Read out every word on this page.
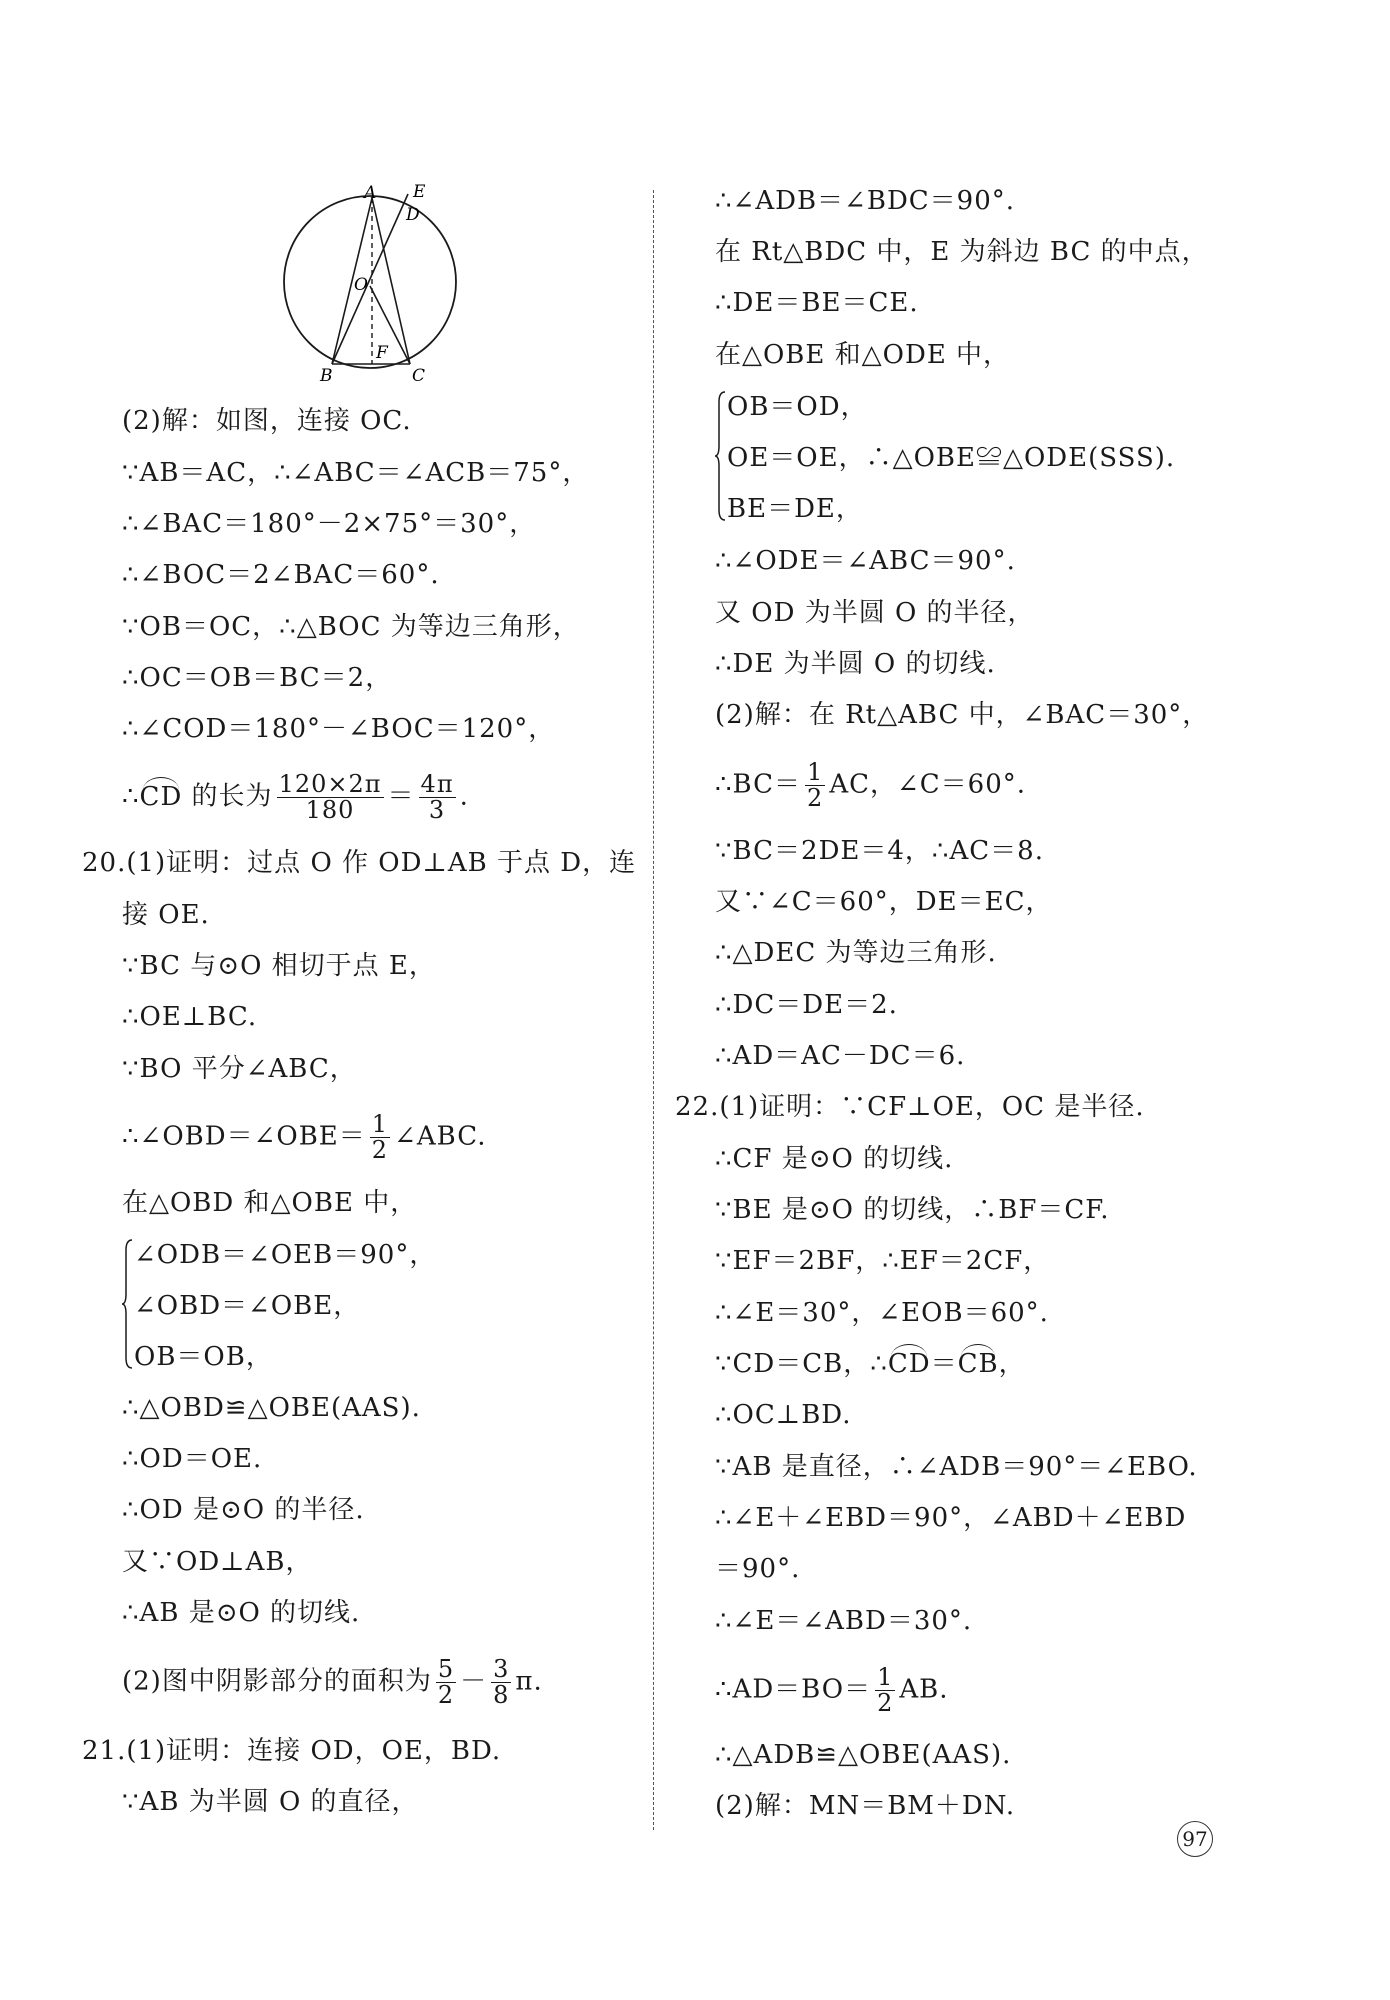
A E
D
O
B
F
C
(2)解：如图，连接 OC.
∵AB＝AC，∴∠ABC＝∠ACB＝75°，
∴∠BAC＝180°－2×75°＝30°，
∴∠BOC＝2∠BAC＝60°.
∵OB＝OC，∴△BOC 为等边三角形，
∴OC＝OB＝BC＝2，
∴∠COD＝180°－∠BOC＝120°，
∴CD 的长为 $\frac{120\times 2\pi}{180} = \frac{4\pi}{3}$ .
20.(1)证明：过点 O 作 OD⊥AB 于点 D，连
接 OE.
∵BC 与⊙O 相切于点 E，
∴OE⊥BC.
∵BO 平分∠ABC，
∴∠OBD＝∠OBE＝ $\frac{1}{2}$ ∠ABC.
在△OBD 和△OBE 中，
∠ODB＝∠OEB＝90°，
∠OBD＝∠OBE，
OB＝OB，
∴△OBD≌△OBE(AAS).
∴OD＝OE.
∴OD 是⊙O 的半径.
又∵OD⊥AB，
∴AB 是⊙O 的切线.
(2)图中阴影部分的面积为 $\frac{5}{2} - \frac{3}{8} \pi$.
21.(1)证明：连接 OD，OE，BD.
∵AB 为半圆 O 的直径，
∴∠ADB＝∠BDC＝90°.
在 Rt△BDC 中，E 为斜边 BC 的中点，
∴DE＝BE＝CE.
在△OBE 和△ODE 中，
OB＝OD，
OE＝OE，∴△OBE≌△ODE(SSS).
BE＝DE，
∴∠ODE＝∠ABC＝90°.
又 OD 为半圆 O 的半径，
∴DE 为半圆 O 的切线.
(2)解：在 Rt△ABC 中，∠BAC＝30°，
∴BC＝ $\frac{1}{2}$ AC，∠C＝60°.
∵BC＝2DE＝4，∴AC＝8.
又∵∠C＝60°，DE＝EC，
∴△DEC 为等边三角形.
∴DC＝DE＝2.
∴AD＝AC－DC＝6.
22.(1)证明：∵CF⊥OE，OC 是半径.
∴CF 是⊙O 的切线.
∵BE 是⊙O 的切线，∴BF＝CF.
∵EF＝2BF，∴EF＝2CF，
∴∠E＝30°，∠EOB＝60°.
∵CD＝CB，∴CD＝CB，
∴OC⊥BD.
∵AB 是直径，∴∠ADB＝90°＝∠EBO.
∴∠E＋∠EBD＝90°，∠ABD＋∠EBD
＝90°.
∴∠E＝∠ABD＝30°.
∴AD＝BO＝ $\frac{1}{2}$ AB.
∴△ADB≌△OBE(AAS).
(2)解：MN＝BM＋DN.
97
